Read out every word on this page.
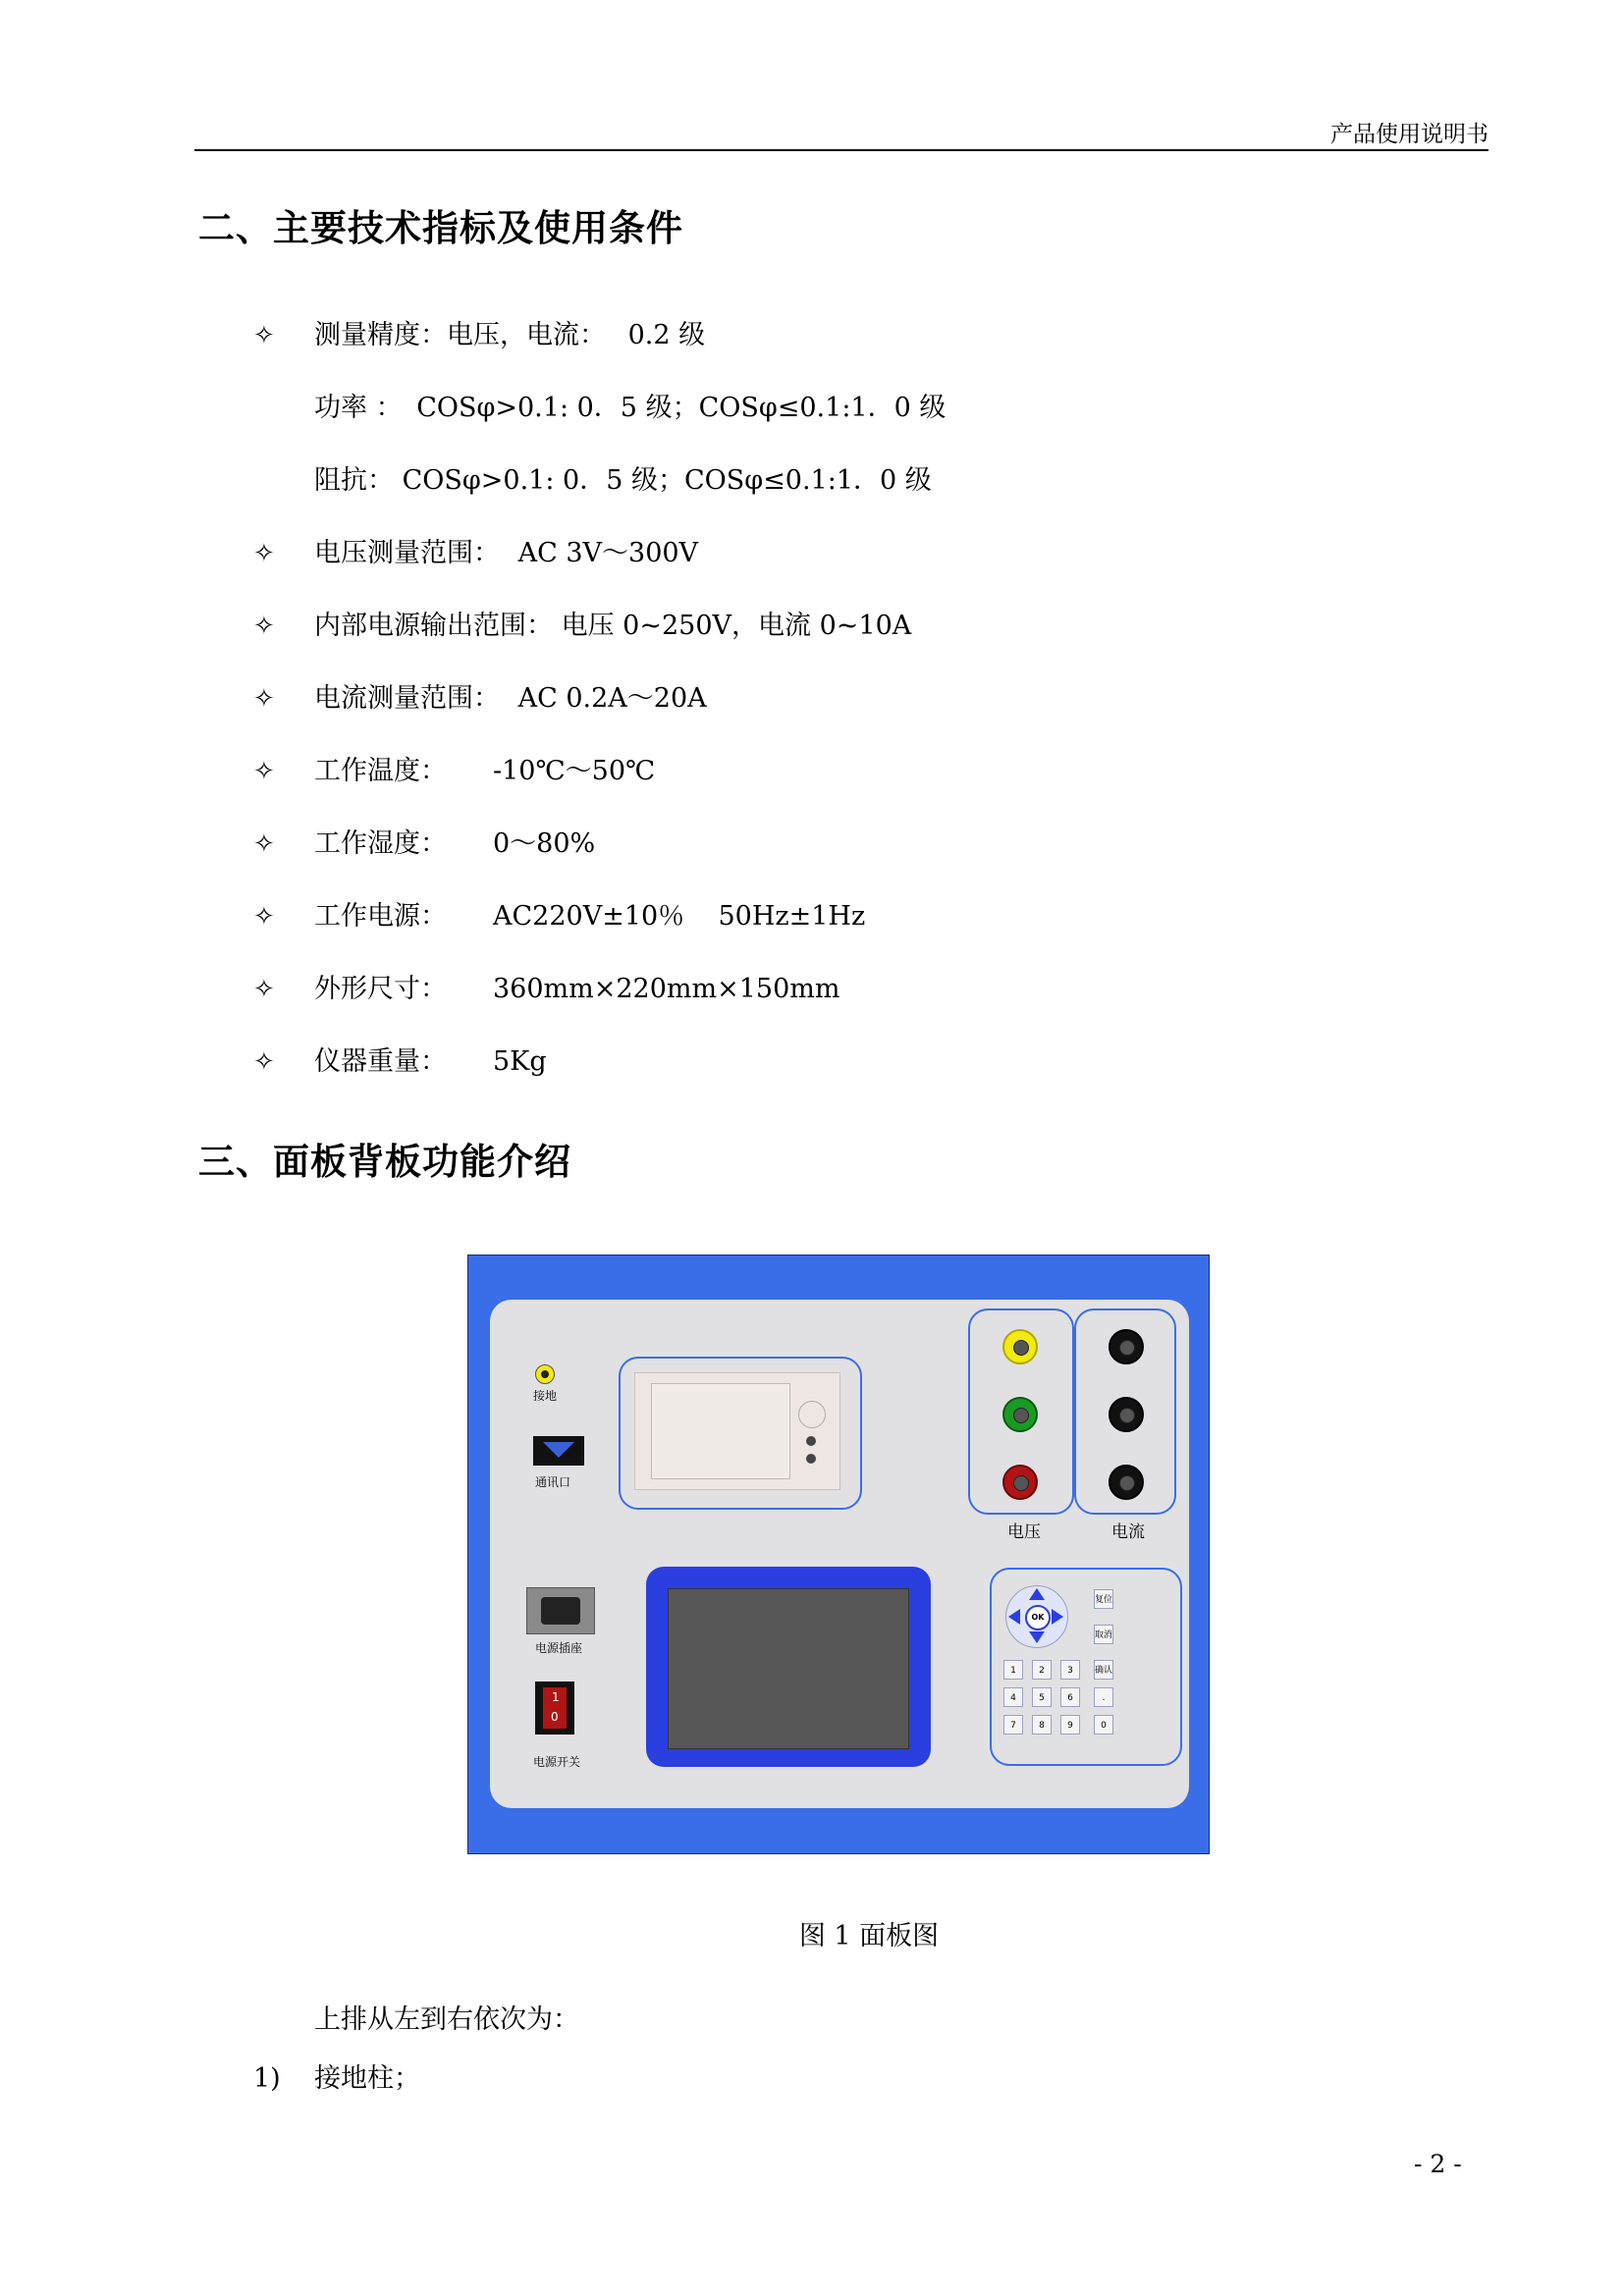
产品使用说明书
二、主要技术指标及使用条件
✧ 测量精度：电压，电流： 0.2 级
功率 ： COSφ>0.1: 0．5 级；COSφ≤0.1:1．0 级
阻抗： COSφ>0.1: 0．5 级；COSφ≤0.1:1．0 级
✧ 电压测量范围： AC 3V～300V
✧ 内部电源输出范围： 电压 0~250V，电流 0~10A
✧ 电流测量范围： AC 0.2A～20A
✧ 工作温度： -10℃～50℃
✧ 工作湿度： 0～80%
✧ 工作电源： AC220V±10％    50Hz±1Hz
✧ 外形尺寸： 360mm×220mm×150mm
✧ 仪器重量： 5Kg
三、面板背板功能介绍
接地
通讯口
电压	电流
电源插座
1
0
电源开关
OK
复位
取消
确认
1	2	3
4	5	6	.
7	8	9	0
图 1 面板图
上排从左到右依次为：
1) 接地柱；
- 2 -
